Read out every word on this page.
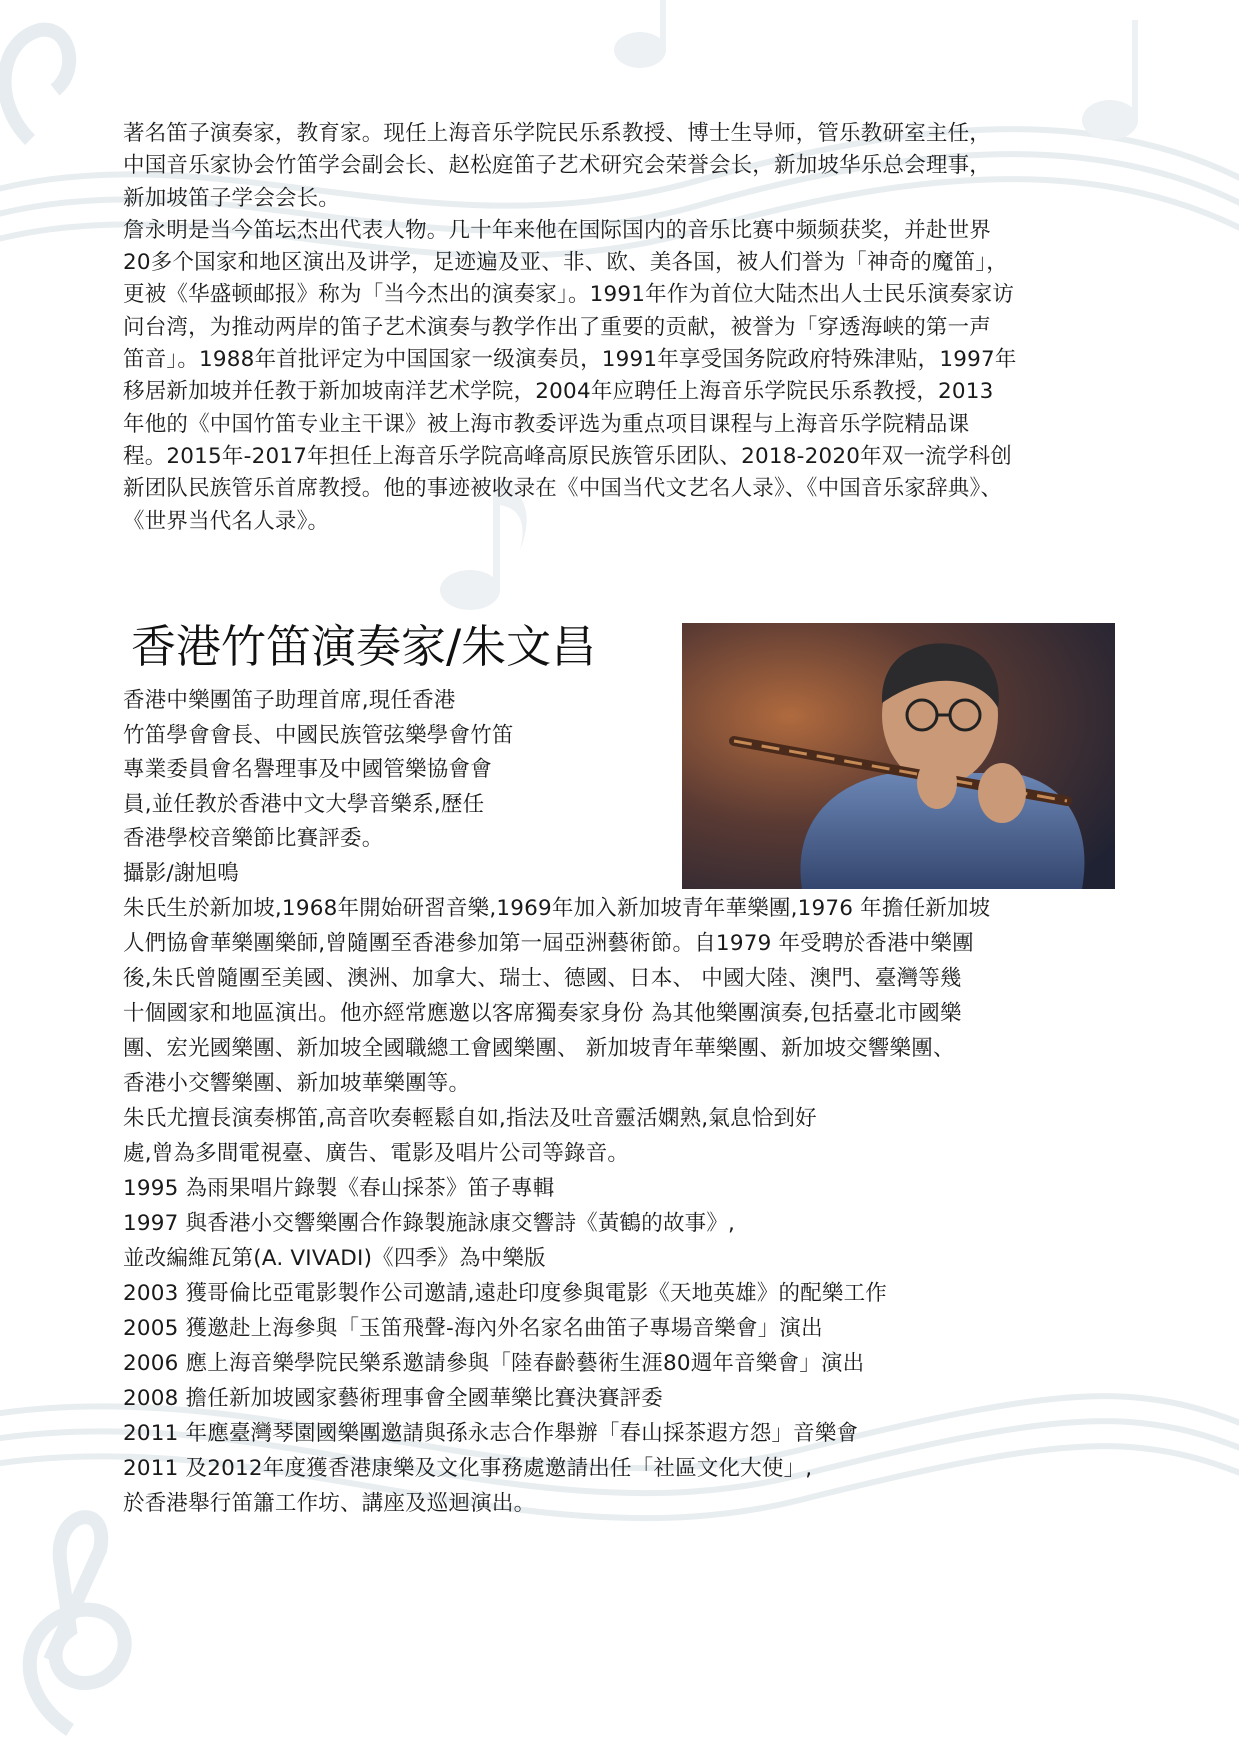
著名笛子演奏家，教育家。现任上海音乐学院民乐系教授、博士生导师，管乐教研室主任，

中国音乐家协会竹笛学会副会长、赵松庭笛子艺术研究会荣誉会长，新加坡华乐总会理事，

新加坡笛子学会会长。

詹永明是当今笛坛杰出代表人物。几十年来他在国际国内的音乐比赛中频频获奖，并赴世界

20多个国家和地区演出及讲学，足迹遍及亚、非、欧、美各国，被人们誉为「神奇的魔笛」，

更被《华盛顿邮报》称为「当今杰出的演奏家」。1991年作为首位大陆杰出人士民乐演奏家访

问台湾，为推动两岸的笛子艺术演奏与教学作出了重要的贡献，被誉为「穿透海峡的第一声

笛音」。1988年首批评定为中国国家一级演奏员，1991年享受国务院政府特殊津贴，1997年

移居新加坡并任教于新加坡南洋艺术学院，2004年应聘任上海音乐学院民乐系教授，2013

年他的《中国竹笛专业主干课》被上海市教委评选为重点项目课程与上海音乐学院精品课

程。2015年-2017年担任上海音乐学院高峰高原民族管乐团队、2018-2020年双一流学科创

新团队民族管乐首席教授。他的事迹被收录在《中国当代文艺名人录》、《中国音乐家辞典》、

《世界当代名人录》。

香港竹笛演奏家/朱文昌

香港中樂團笛子助理首席,現任香港

竹笛學會會長、中國民族管弦樂學會竹笛

專業委員會名譽理事及中國管樂協會會

員,並任教於香港中文大學音樂系,歷任

香港學校音樂節比賽評委。

攝影/謝旭鳴

朱氏生於新加坡,1968年開始研習音樂,1969年加入新加坡青年華樂團,1976 年擔任新加坡

人們協會華樂團樂師,曾隨團至香港參加第一屆亞洲藝術節。自1979 年受聘於香港中樂團

後,朱氏曾隨團至美國、澳洲、加拿大、瑞士、德國、日本、 中國大陸、澳門、臺灣等幾

十個國家和地區演出。他亦經常應邀以客席獨奏家身份 為其他樂團演奏,包括臺北市國樂

團、宏光國樂團、新加坡全國職總工會國樂團、 新加坡青年華樂團、新加坡交響樂團、

香港小交響樂團、新加坡華樂團等。

朱氏尤擅長演奏梆笛,高音吹奏輕鬆自如,指法及吐音靈活嫻熟,氣息恰到好

處,曾為多間電視臺、廣告、電影及唱片公司等錄音。

1995 為雨果唱片錄製《春山採茶》笛子專輯

1997 與香港小交響樂團合作錄製施詠康交響詩《黃鶴的故事》,

並改編維瓦第(A. VIVADI)《四季》為中樂版

2003 獲哥倫比亞電影製作公司邀請,遠赴印度參與電影《天地英雄》的配樂工作

2005 獲邀赴上海參與「玉笛飛聲-海內外名家名曲笛子專場音樂會」演出

2006 應上海音樂學院民樂系邀請參與「陸春齡藝術生涯80週年音樂會」演出

2008 擔任新加坡國家藝術理事會全國華樂比賽決賽評委

2011 年應臺灣琴園國樂團邀請與孫永志合作舉辦「春山採茶遐方怨」音樂會

2011 及2012年度獲香港康樂及文化事務處邀請出任「社區文化大使」,

於香港舉行笛簫工作坊、講座及巡迴演出。
